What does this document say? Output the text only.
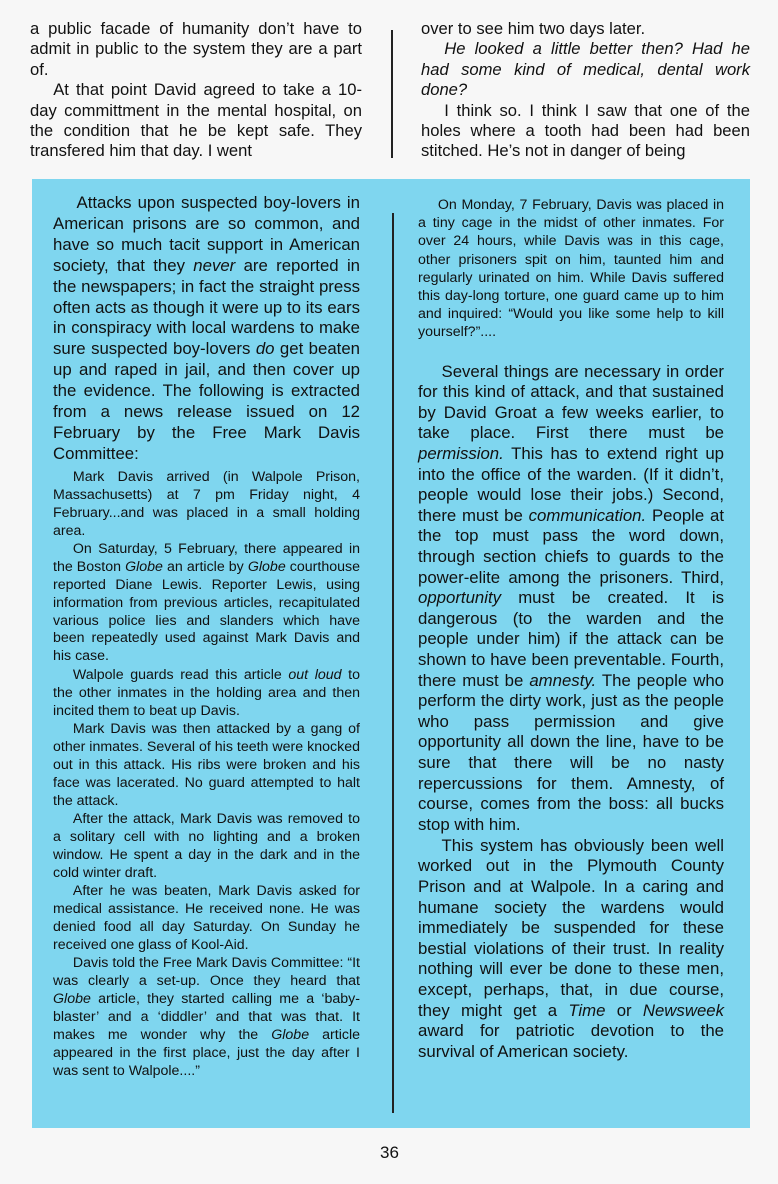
a public facade of humanity don’t have to admit in public to the system they are a part of.

At that point David agreed to take a 10-day committment in the mental hospital, on the condition that he be kept safe. They transfered him that day. I went

over to see him two days later.

He looked a little better then? Had he had some kind of medical, dental work done?

I think so. I think I saw that one of the holes where a tooth had been had been stitched. He’s not in danger of being

Attacks upon suspected boy-lovers in American prisons are so common, and have so much tacit support in American society, that they never are reported in the newspapers; in fact the straight press often acts as though it were up to its ears in conspiracy with local wardens to make sure suspected boy-lovers do get beaten up and raped in jail, and then cover up the evidence. The following is extracted from a news release issued on 12 February by the Free Mark Davis Committee:

Mark Davis arrived (in Walpole Prison, Massachusetts) at 7 pm Friday night, 4 February...and was placed in a small holding area.

On Saturday, 5 February, there appeared in the Boston Globe an article by Globe courthouse reported Diane Lewis. Reporter Lewis, using information from previous articles, recapitulated various police lies and slanders which have been repeatedly used against Mark Davis and his case.

Walpole guards read this article out loud to the other inmates in the holding area and then incited them to beat up Davis.

Mark Davis was then attacked by a gang of other inmates. Several of his teeth were knocked out in this attack. His ribs were broken and his face was lacerated. No guard attempted to halt the attack.

After the attack, Mark Davis was removed to a solitary cell with no lighting and a broken window. He spent a day in the dark and in the cold winter draft.

After he was beaten, Mark Davis asked for medical assistance. He received none. He was denied food all day Saturday. On Sunday he received one glass of Kool-Aid.

Davis told the Free Mark Davis Committee: “It was clearly a set-up. Once they heard that Globe article, they started calling me a ‘baby-blaster’ and a ‘diddler’ and that was that. It makes me wonder why the Globe article appeared in the first place, just the day after I was sent to Walpole....”

On Monday, 7 February, Davis was placed in a tiny cage in the midst of other inmates. For over 24 hours, while Davis was in this cage, other prisoners spit on him, taunted him and regularly urinated on him. While Davis suffered this day-long torture, one guard came up to him and inquired: “Would you like some help to kill yourself?”....

Several things are necessary in order for this kind of attack, and that sustained by David Groat a few weeks earlier, to take place. First there must be permission. This has to extend right up into the office of the warden. (If it didn’t, people would lose their jobs.) Second, there must be communication. People at the top must pass the word down, through section chiefs to guards to the power-elite among the prisoners. Third, opportunity must be created. It is dangerous (to the warden and the people under him) if the attack can be shown to have been preventable. Fourth, there must be amnesty. The people who perform the dirty work, just as the people who pass permission and give opportunity all down the line, have to be sure that there will be no nasty repercussions for them. Amnesty, of course, comes from the boss: all bucks stop with him.

This system has obviously been well worked out in the Plymouth County Prison and at Walpole. In a caring and humane society the wardens would immediately be suspended for these bestial violations of their trust. In reality nothing will ever be done to these men, except, perhaps, that, in due course, they might get a Time or Newsweek award for patriotic devotion to the survival of American society.

36
